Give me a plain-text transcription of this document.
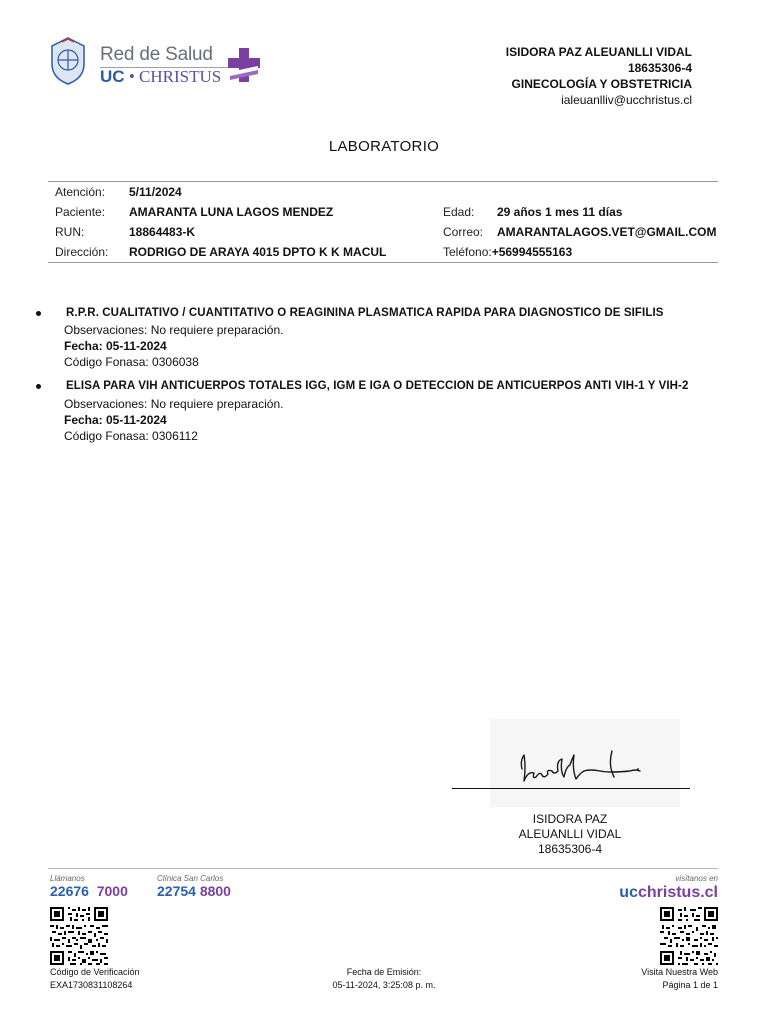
Red de Salud
UC • CHRISTUS
ISIDORA PAZ ALEUANLLI VIDAL
18635306-4
GINECOLOGÍA Y OBSTETRICIA
ialeuanlliv@ucchristus.cl
LABORATORIO
Atención: 5/11/2024
Paciente: AMARANTA LUNA LAGOS MENDEZ
RUN:	18864483-K
Dirección: RODRIGO DE ARAYA 4015 DPTO K K MACUL
Edad: 29 años 1 mes 11 días
Correo: AMARANTALAGOS.VET@GMAIL.COM
Teléfono:+56994555163
R.P.R. CUALITATIVO / CUANTITATIVO O REAGININA PLASMATICA RAPIDA PARA DIAGNOSTICO DE SIFILIS
Observaciones: No requiere preparación.
Fecha: 05-11-2024
Código Fonasa: 0306038
ELISA PARA VIH ANTICUERPOS TOTALES IGG, IGM E IGA O DETECCION DE ANTICUERPOS ANTI VIH-1 Y VIH-2
Observaciones: No requiere preparación.
Fecha: 05-11-2024
Código Fonasa: 0306112
ISIDORA PAZ
ALEUANLLI VIDAL
18635306-4
Llámanos
22676 7000
Clínica San Carlos
22754 8800
visítanos en
ucchristus.cl
Código de Verificación
EXA1730831108264
Fecha de Emisión:
05-11-2024, 3:25:08 p. m.
Visita Nuestra Web
Página 1 de 1
